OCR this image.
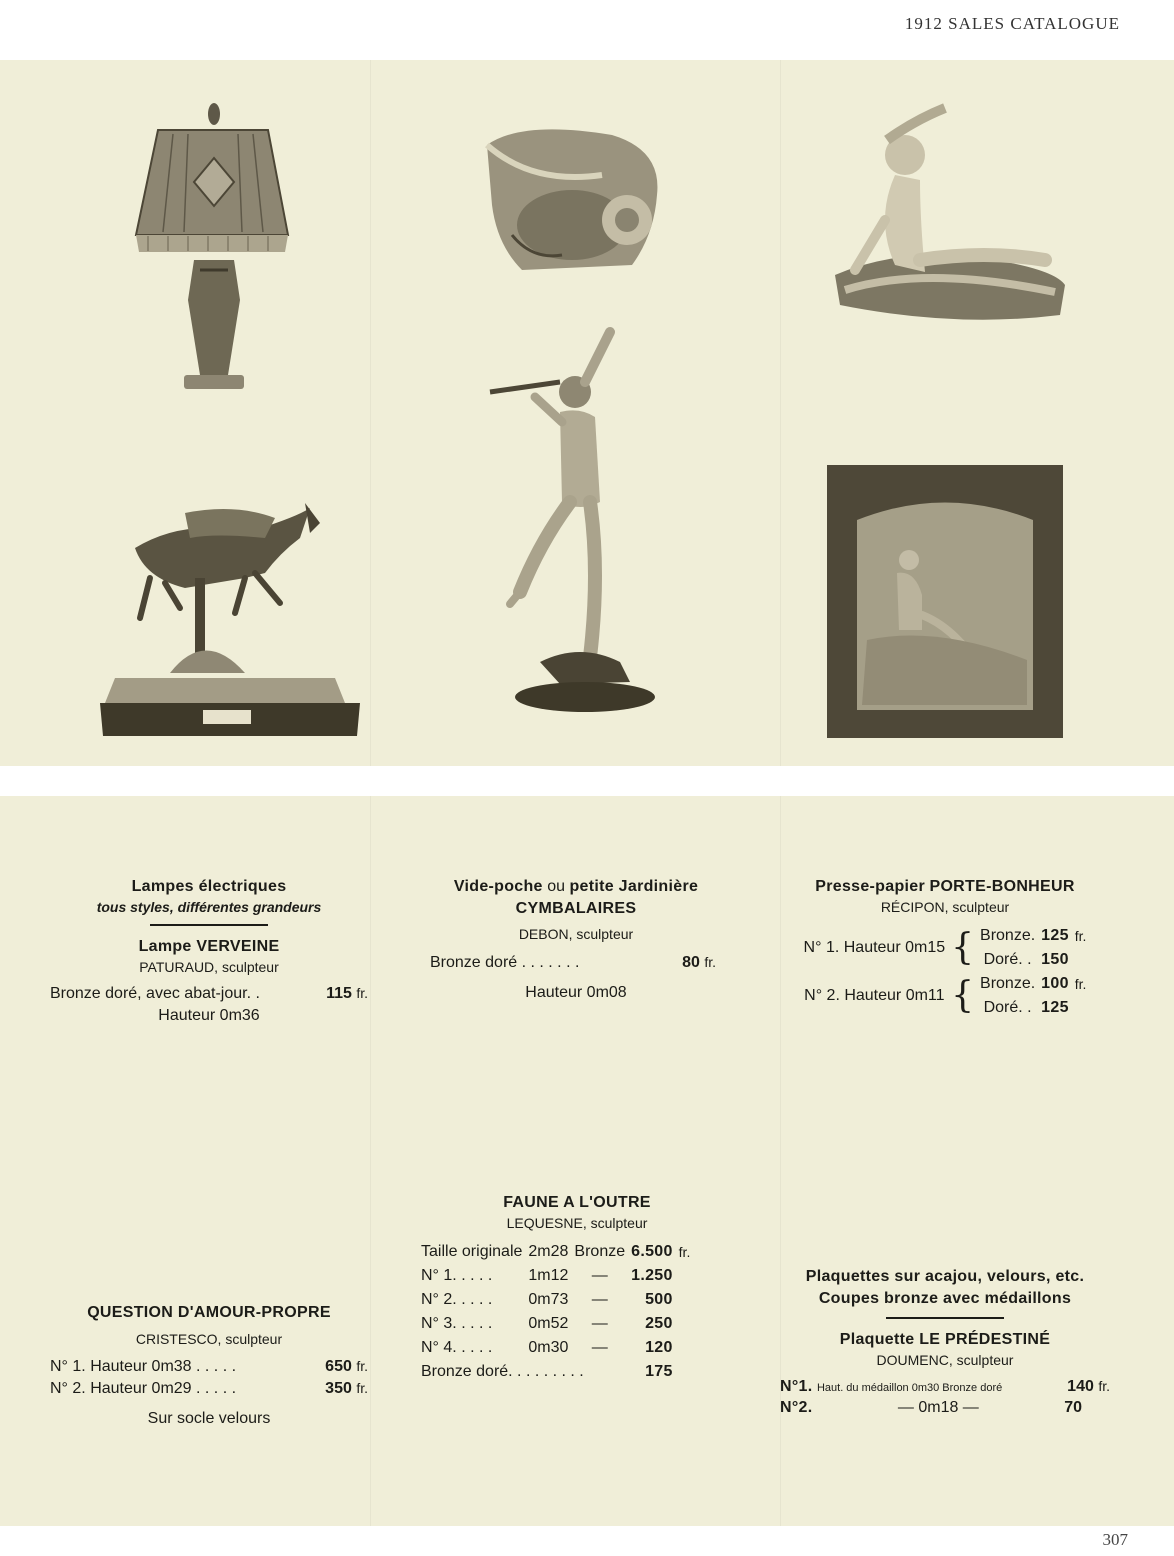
1912 SALES CATALOGUE
Lampes électriques
tous styles, différentes grandeurs
Lampe VERVEINE
PATURAUD, sculpteur
Bronze doré, avec abat-jour. .	115 fr.
Hauteur 0m36
Vide-poche ou petite Jardinière
CYMBALAIRES
DEBON, sculpteur
Bronze doré . . . . . . .	80 fr.
Hauteur 0m08
Presse-papier PORTE-BONHEUR
RÉCIPON, sculpteur
N° 1. Hauteur 0m15	{	Bronze.	125	fr.
		Doré. .	150	
N° 2. Hauteur 0m11	{	Bronze.	100	fr.
		Doré. .	125	
QUESTION D'AMOUR-PROPRE
CRISTESCO, sculpteur
N° 1. Hauteur 0m38 . . . . .	650 fr.
N° 2. Hauteur 0m29 . . . . .	350 fr.
Sur socle velours
FAUNE A L'OUTRE
LEQUESNE, sculpteur
Taille originale	2m28	Bronze	6.500	fr.
N° 1. . . . .	1m12	—	1.250	
N° 2. . . . .	0m73	—	500	
N° 3. . . . .	0m52	—	250	
N° 4. . . . .	0m30	—	120	
Bronze doré. . . . . . . . .			175	
Plaquettes sur acajou, velours, etc.
Coupes bronze avec médaillons
Plaquette LE PRÉDESTINÉ
DOUMENC, sculpteur
N°1. Haut. du médaillon 0m30 Bronze doré	140 fr.
N°2.	— 0m18 —	70
307
